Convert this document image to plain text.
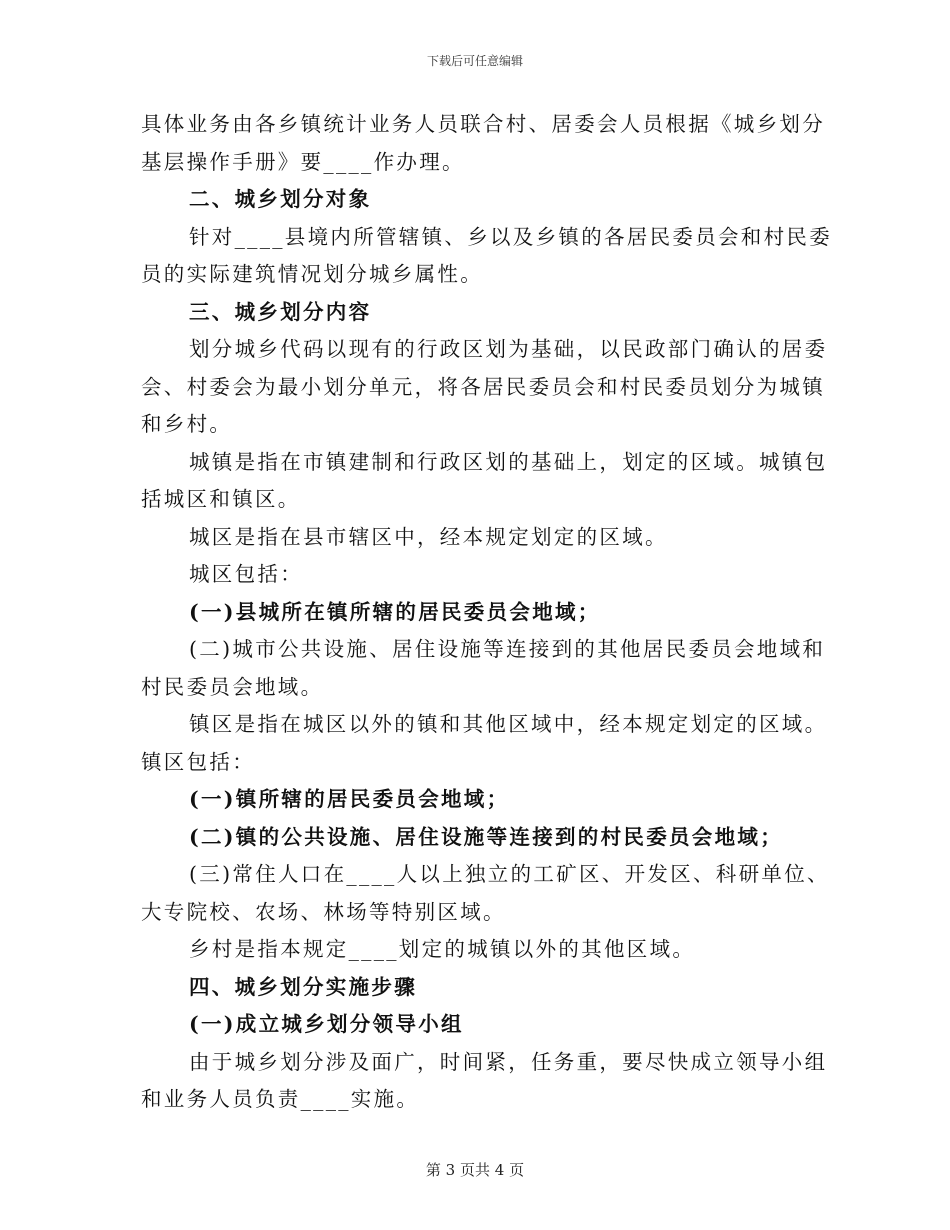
下载后可任意编辑
具体业务由各乡镇统计业务人员联合村、居委会人员根据《城乡划分
基层操作手册》要____作办理。
二、城乡划分对象
针对____县境内所管辖镇、乡以及乡镇的各居民委员会和村民委
员的实际建筑情况划分城乡属性。
三、城乡划分内容
划分城乡代码以现有的行政区划为基础，以民政部门确认的居委
会、村委会为最小划分单元，将各居民委员会和村民委员划分为城镇
和乡村。
城镇是指在市镇建制和行政区划的基础上，划定的区域。城镇包
括城区和镇区。
城区是指在县市辖区中，经本规定划定的区域。
城区包括：
(一)县城所在镇所辖的居民委员会地域；
(二)城市公共设施、居住设施等连接到的其他居民委员会地域和
村民委员会地域。
镇区是指在城区以外的镇和其他区域中，经本规定划定的区域。
镇区包括：
(一)镇所辖的居民委员会地域；
(二)镇的公共设施、居住设施等连接到的村民委员会地域；
(三)常住人口在____人以上独立的工矿区、开发区、科研单位、
大专院校、农场、林场等特别区域。
乡村是指本规定____划定的城镇以外的其他区域。
四、城乡划分实施步骤
(一)成立城乡划分领导小组
由于城乡划分涉及面广，时间紧，任务重，要尽快成立领导小组
和业务人员负责____实施。
第 3 页共 4 页
